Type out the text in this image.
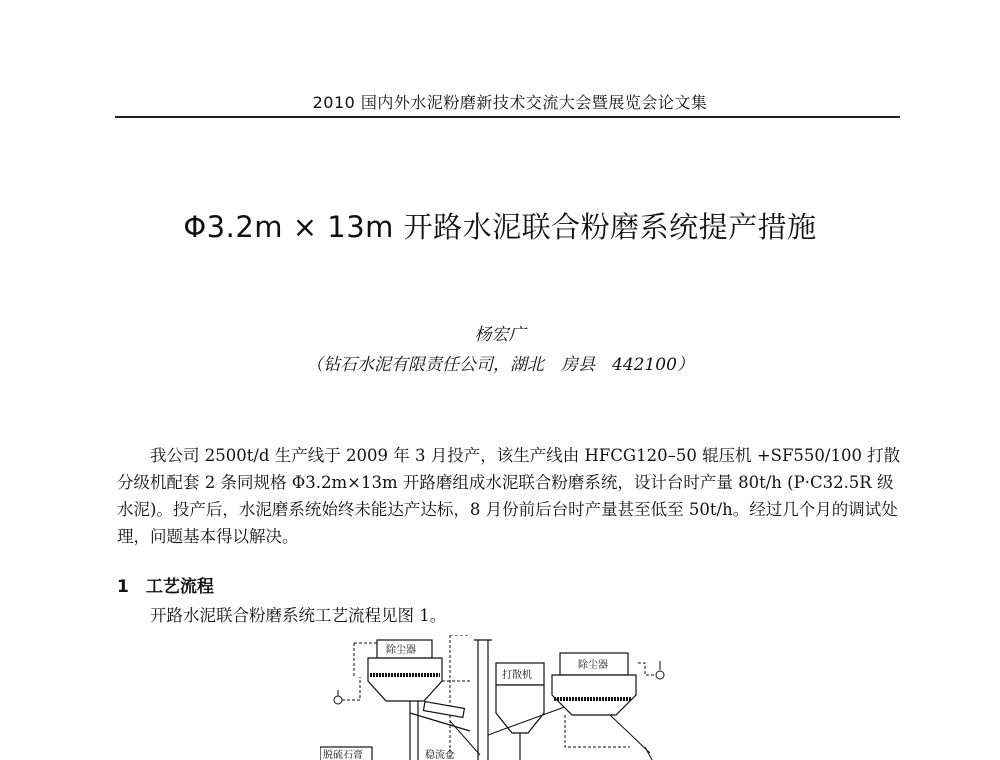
2010 国内外水泥粉磨新技术交流大会暨展览会论文集
Φ3.2m × 13m 开路水泥联合粉磨系统提产措施
杨宏广
（钻石水泥有限责任公司，湖北　房县　442100）

我公司 2500t/d 生产线于 2009 年 3 月投产，该生产线由 HFCG120–50 辊压机 +SF550/100 打散分级机配套 2 条同规格 Φ3.2m×13m 开路磨组成水泥联合粉磨系统，设计台时产量 80t/h (P·C32.5R 级水泥)。投产后，水泥磨系统始终未能达产达标，8 月份前后台时产量甚至低至 50t/h。经过几个月的调试处理，问题基本得以解决。

1　工艺流程

开路水泥联合粉磨系统工艺流程见图 1。

除尘器
稳流仓
脱硫石膏
打散机
除尘器
